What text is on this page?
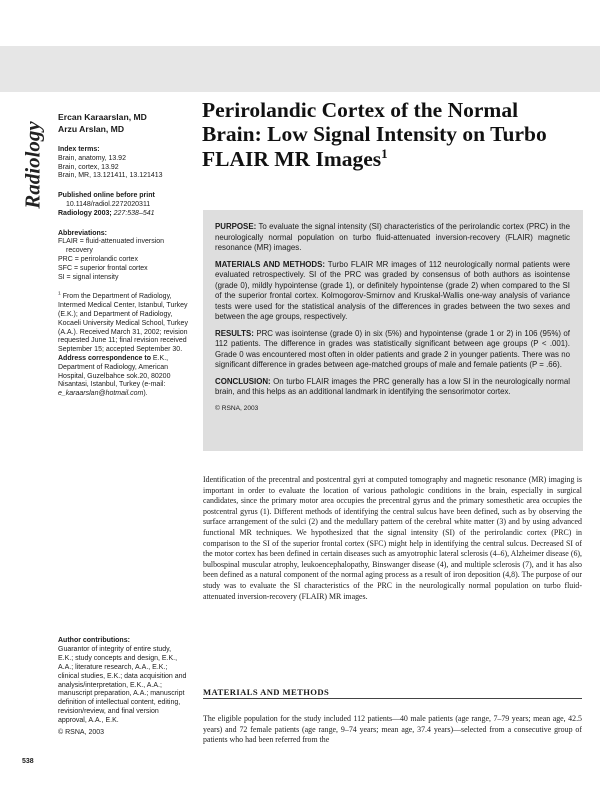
Radiology
Ercan Karaarslan, MD
Arzu Arslan, MD
Index terms:
Brain, anatomy, 13.92
Brain, cortex, 13.92
Brain, MR, 13.121411, 13.121413
Published online before print
10.1148/radiol.2272020311
Radiology 2003; 227:538–541
Abbreviations:
FLAIR = fluid-attenuated inversion recovery
PRC = perirolandic cortex
SFC = superior frontal cortex
SI = signal intensity
$^1$ From the Department of Radiology, Intermed Medical Center, Istanbul, Turkey (E.K.); and Department of Radiology, Kocaeli University Medical School, Turkey (A.A.). Received March 31, 2002; revision requested June 11; final revision received September 15; accepted September 30. Address correspondence to E.K., Department of Radiology, American Hospital, Guzelbahce sok.20, 80200 Nisantasi, Istanbul, Turkey (e-mail: e_karaarslan@hotmail.com).
Author contributions:
Guarantor of integrity of entire study, E.K.; study concepts and design, E.K., A.A.; literature research, A.A., E.K.; clinical studies, E.K.; data acquisition and analysis/interpretation, E.K., A.A.; manuscript preparation, A.A.; manuscript definition of intellectual content, editing, revision/review, and final version approval, A.A., E.K.
© RSNA, 2003
Perirolandic Cortex of the Normal Brain: Low Signal Intensity on Turbo FLAIR MR Images$^1$

PURPOSE: To evaluate the signal intensity (SI) characteristics of the perirolandic cortex (PRC) in the neurologically normal population on turbo fluid-attenuated inversion-recovery (FLAIR) magnetic resonance (MR) images.

MATERIALS AND METHODS: Turbo FLAIR MR images of 112 neurologically normal patients were evaluated retrospectively. SI of the PRC was graded by consensus of both authors as isointense (grade 0), mildly hypointense (grade 1), or definitely hypointense (grade 2) when compared to the SI of the superior frontal cortex. Kolmogorov-Smirnov and Kruskal-Wallis one-way analysis of variance tests were used for the statistical analysis of the differences in grades between the two sexes and between the age groups, respectively.

RESULTS: PRC was isointense (grade 0) in six (5%) and hypointense (grade 1 or 2) in 106 (95%) of 112 patients. The difference in grades was statistically significant between age groups (P < .001). Grade 0 was encountered most often in older patients and grade 2 in younger patients. There was no significant difference in grades between age-matched groups of male and female patients (P = .66).

CONCLUSION: On turbo FLAIR images the PRC generally has a low SI in the neurologically normal brain, and this helps as an additional landmark in identifying the sensorimotor cortex.

© RSNA, 2003

Identification of the precentral and postcentral gyri at computed tomography and magnetic resonance (MR) imaging is important in order to evaluate the location of various pathologic conditions in the brain, especially in surgical candidates, since the primary motor area occupies the precentral gyrus and the primary somesthetic area occupies the postcentral gyrus (1). Different methods of identifying the central sulcus have been defined, such as by observing the surface arrangement of the sulci (2) and the medullary pattern of the cerebral white matter (3) and by using advanced functional MR techniques. We hypothesized that the signal intensity (SI) of the perirolandic cortex (PRC) in comparison to the SI of the superior frontal cortex (SFC) might help in identifying the central sulcus. Decreased SI of the motor cortex has been defined in certain diseases such as amyotrophic lateral sclerosis (4–6), Alzheimer disease (6), bulbospinal muscular atrophy, leukoencephalopathy, Binswanger disease (4), and multiple sclerosis (7), and it has also been defined as a natural component of the normal aging process as a result of iron deposition (4,8). The purpose of our study was to evaluate the SI characteristics of the PRC in the neurologically normal population on turbo fluid-attenuated inversion-recovery (FLAIR) MR images.

MATERIALS AND METHODS

The eligible population for the study included 112 patients—40 male patients (age range, 7–79 years; mean age, 42.5 years) and 72 female patients (age range, 9–74 years; mean age, 37.4 years)—selected from a consecutive group of patients who had been referred from the

538
